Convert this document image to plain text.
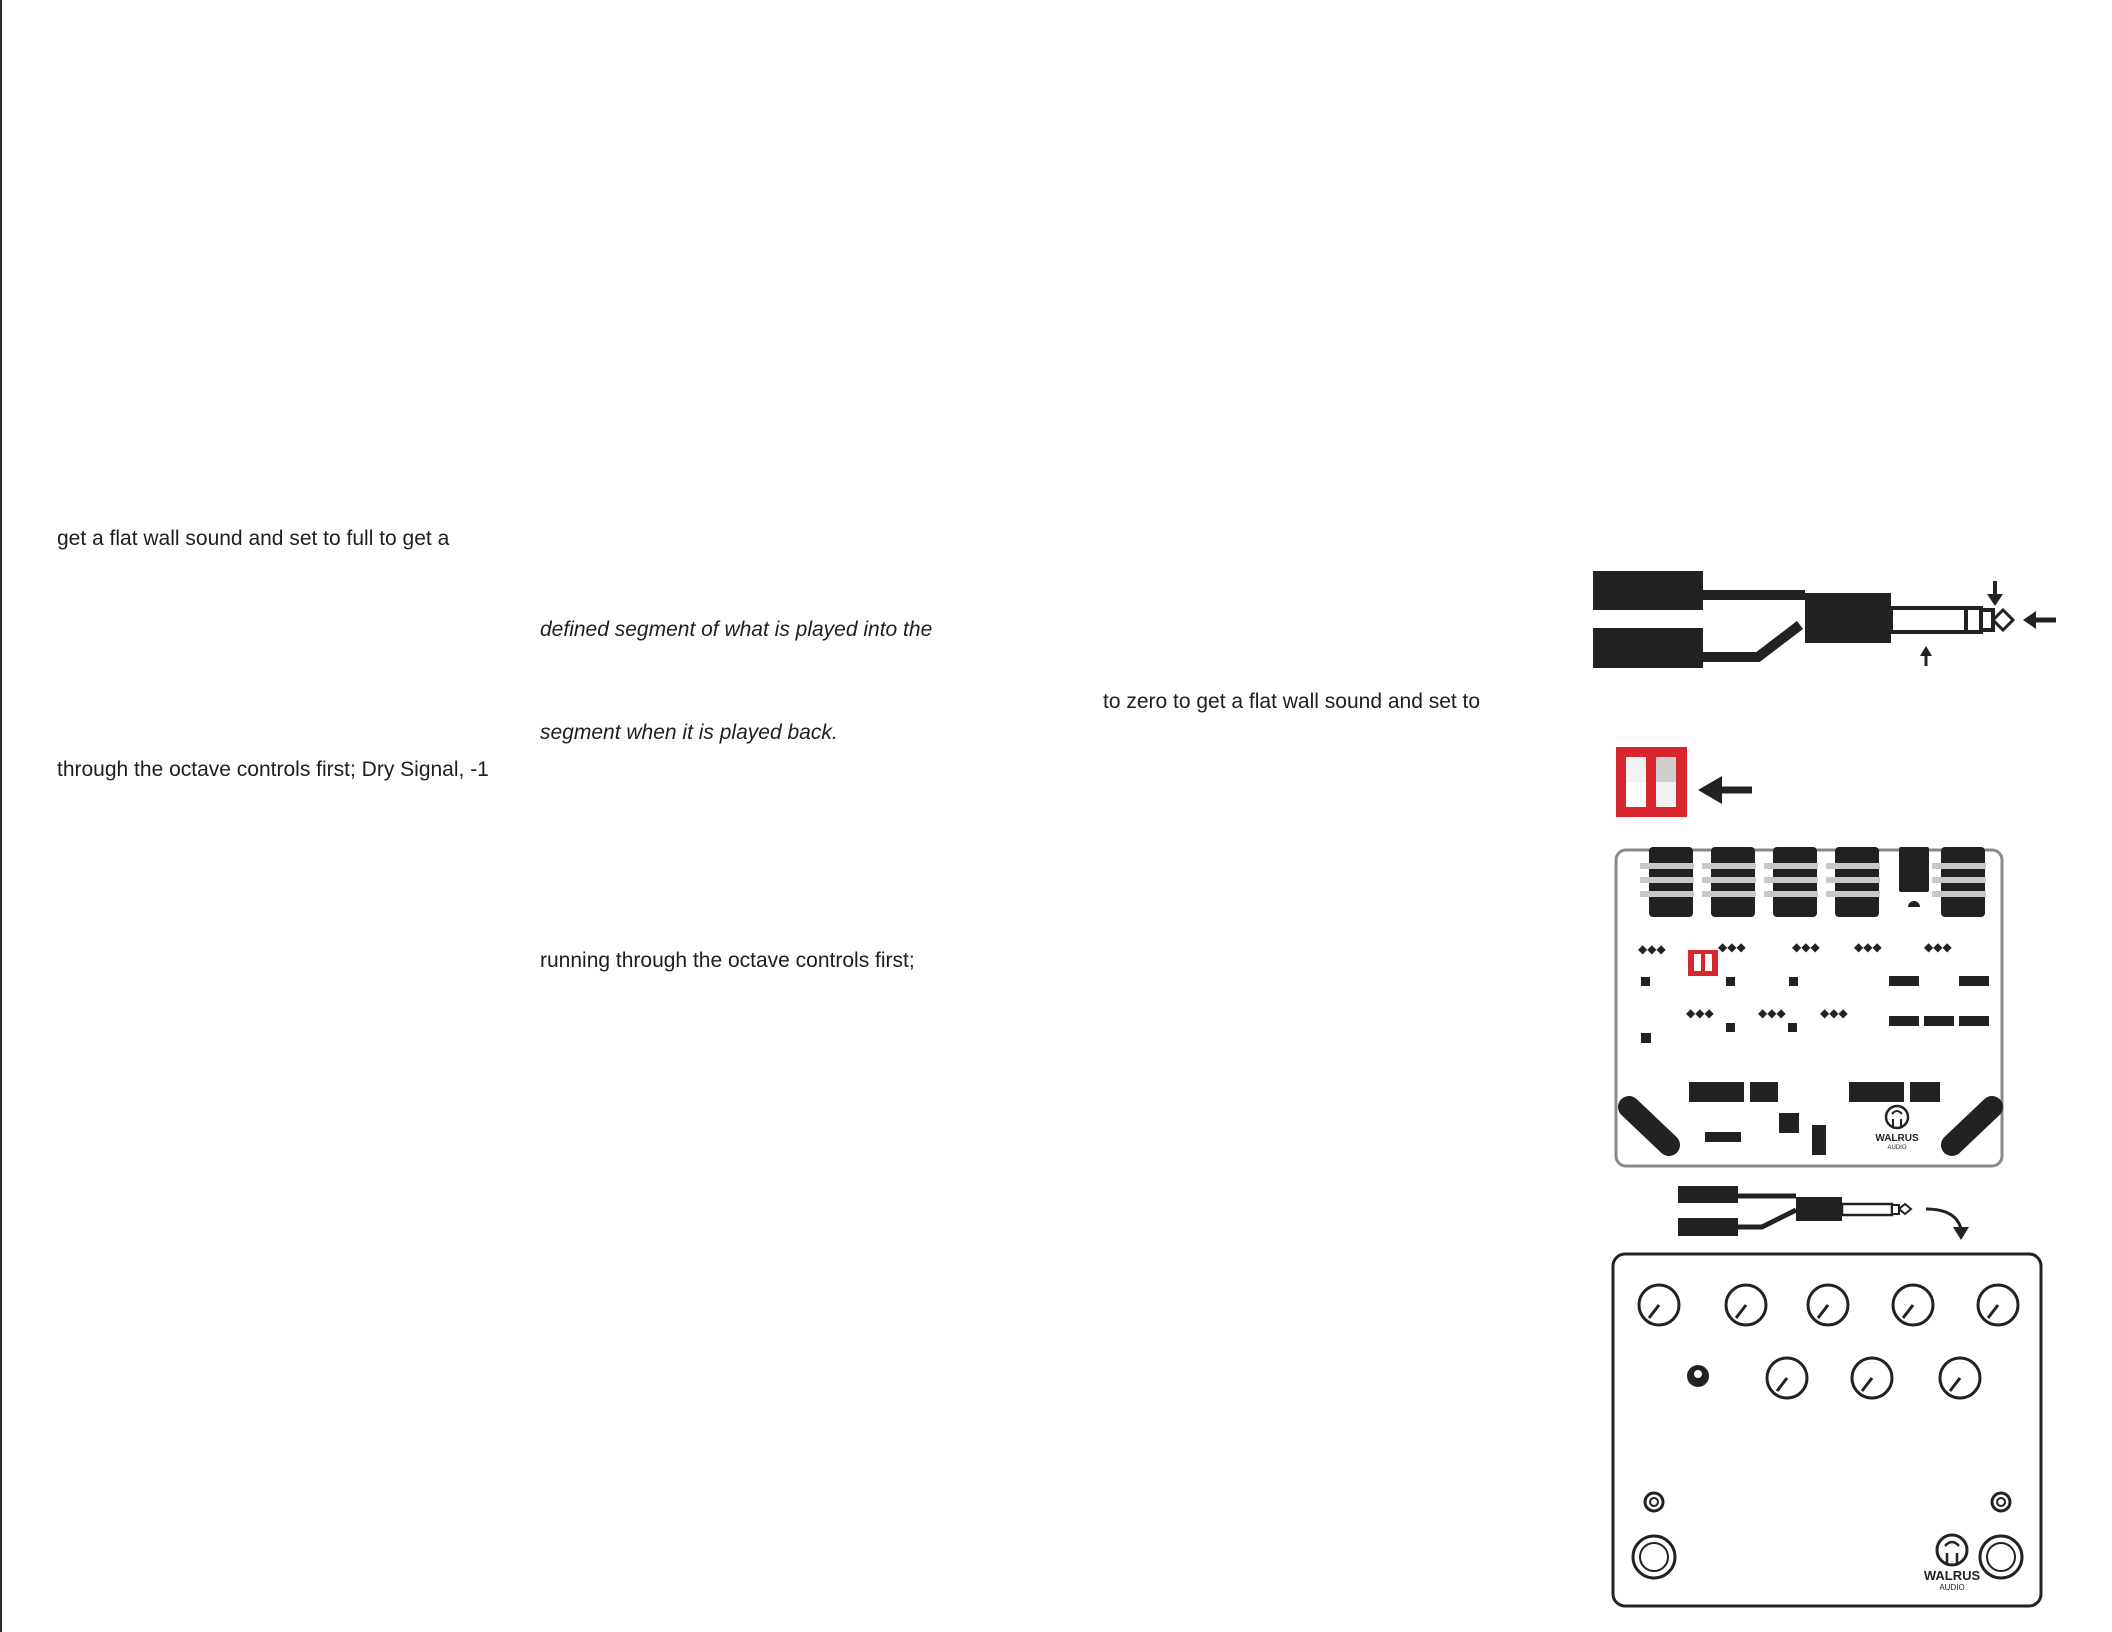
get a flat wall sound and set to full to get a
defined segment of what is played into the
to zero to get a flat wall sound and set to
segment when it is played back.
through the octave controls first; Dry Signal, -1
running through the octave controls first;	◆◆◆	◆◆◆	◆◆◆	◆◆◆	◆◆◆
◆◆◆	◆◆◆	◆◆◆
WALRUS
AUDIO
WALRUS
AUDIO
